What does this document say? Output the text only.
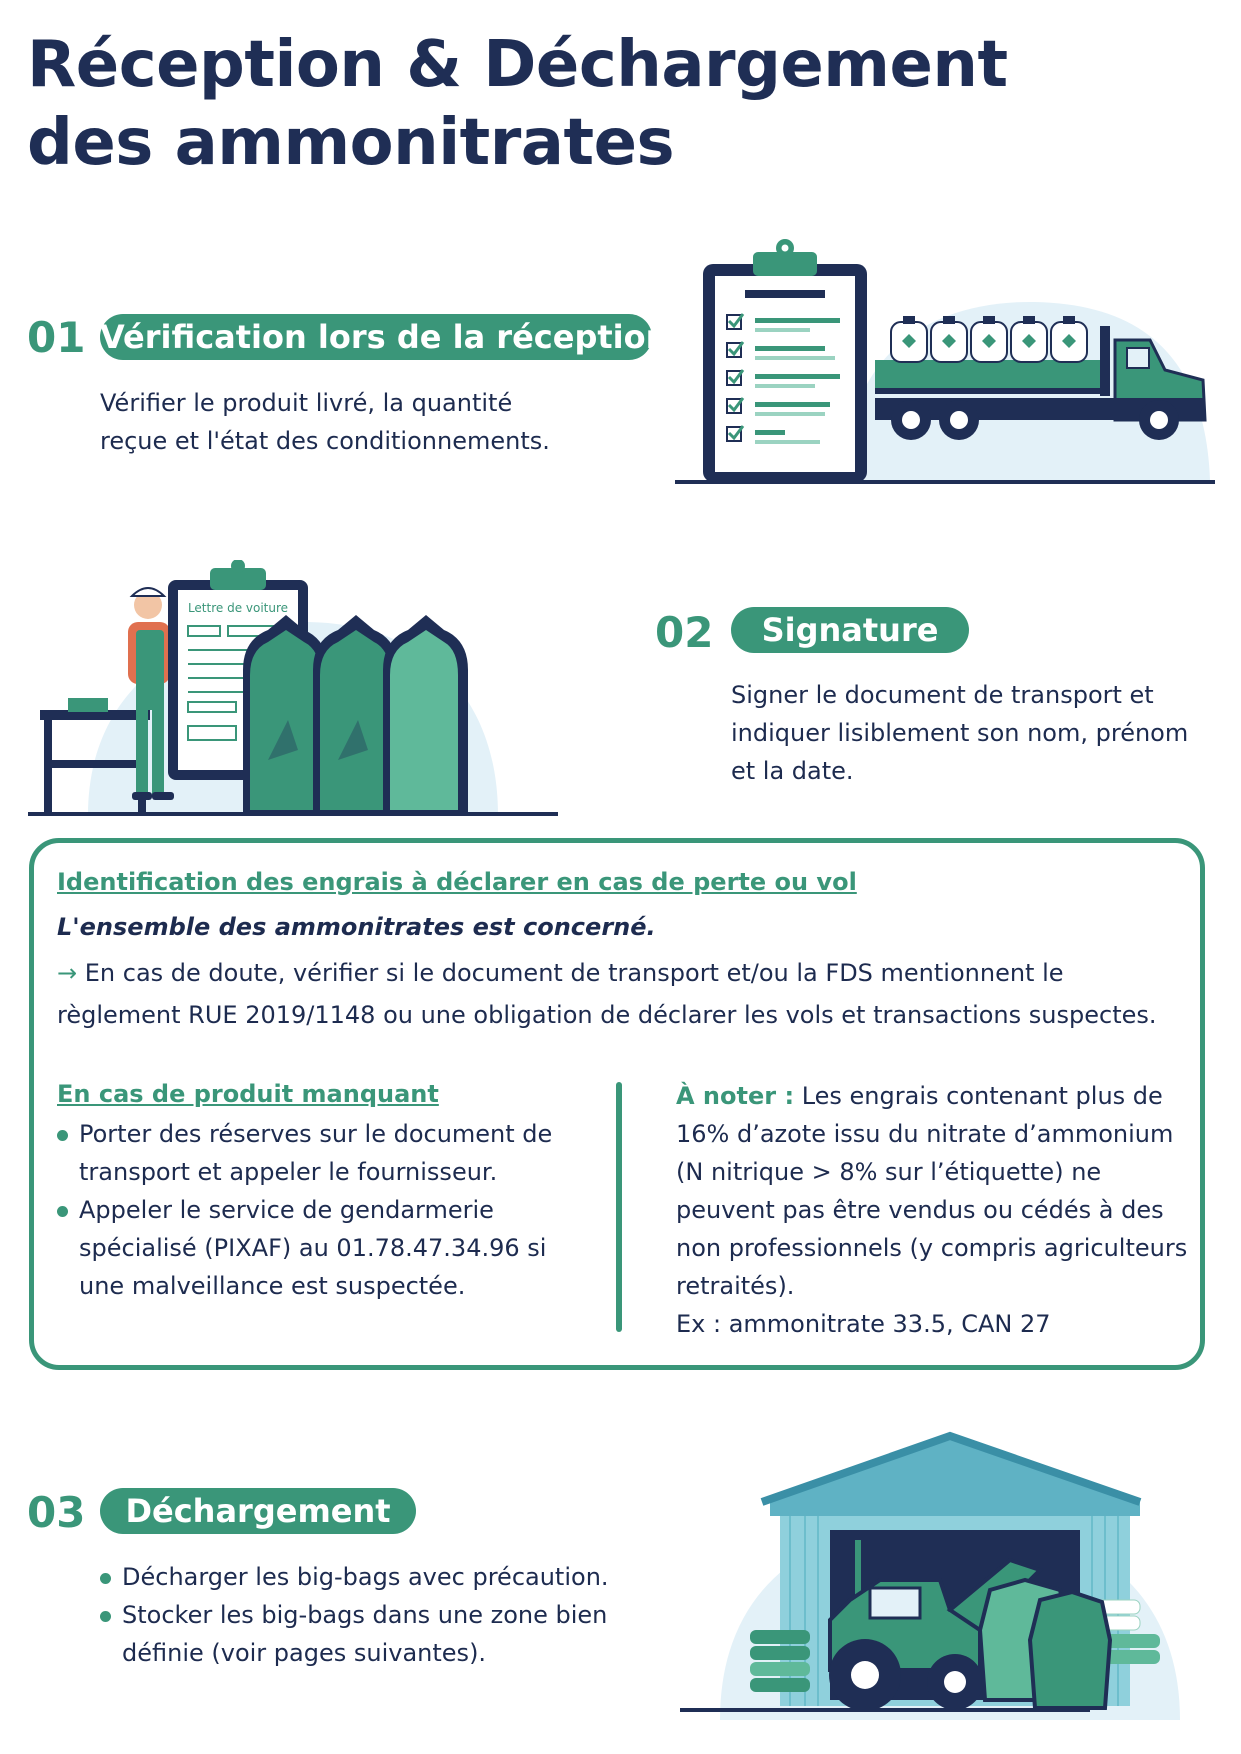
Réception & Déchargement
des ammonitrates
01 Vérification lors de la réception
Vérifier le produit livré, la quantité
reçue et l'état des conditionnements.
Lettre de voiture	02	Signature
Signer le document de transport et
indiquer lisiblement son nom, prénom
et la date.
Identification des engrais à déclarer en cas de perte ou vol
L'ensemble des ammonitrates est concerné.
→ En cas de doute, vérifier si le document de transport et/ou la FDS mentionnent le règlement RUE 2019/1148 ou une obligation de déclarer les vols et transactions suspectes.
En cas de produit manquant
Porter des réserves sur le document de transport et appeler le fournisseur.
Appeler le service de gendarmerie spécialisé (PIXAF) au 01.78.47.34.96 si une malveillance est suspectée.
À noter : Les engrais contenant plus de 16% d’azote issu du nitrate d’ammonium (N nitrique > 8% sur l’étiquette) ne peuvent pas être vendus ou cédés à des non professionnels (y compris agriculteurs retraités).
Ex : ammonitrate 33.5, CAN 27
03	Déchargement
Décharger les big-bags avec précaution.
Stocker les big-bags dans une zone bien définie (voir pages suivantes).
